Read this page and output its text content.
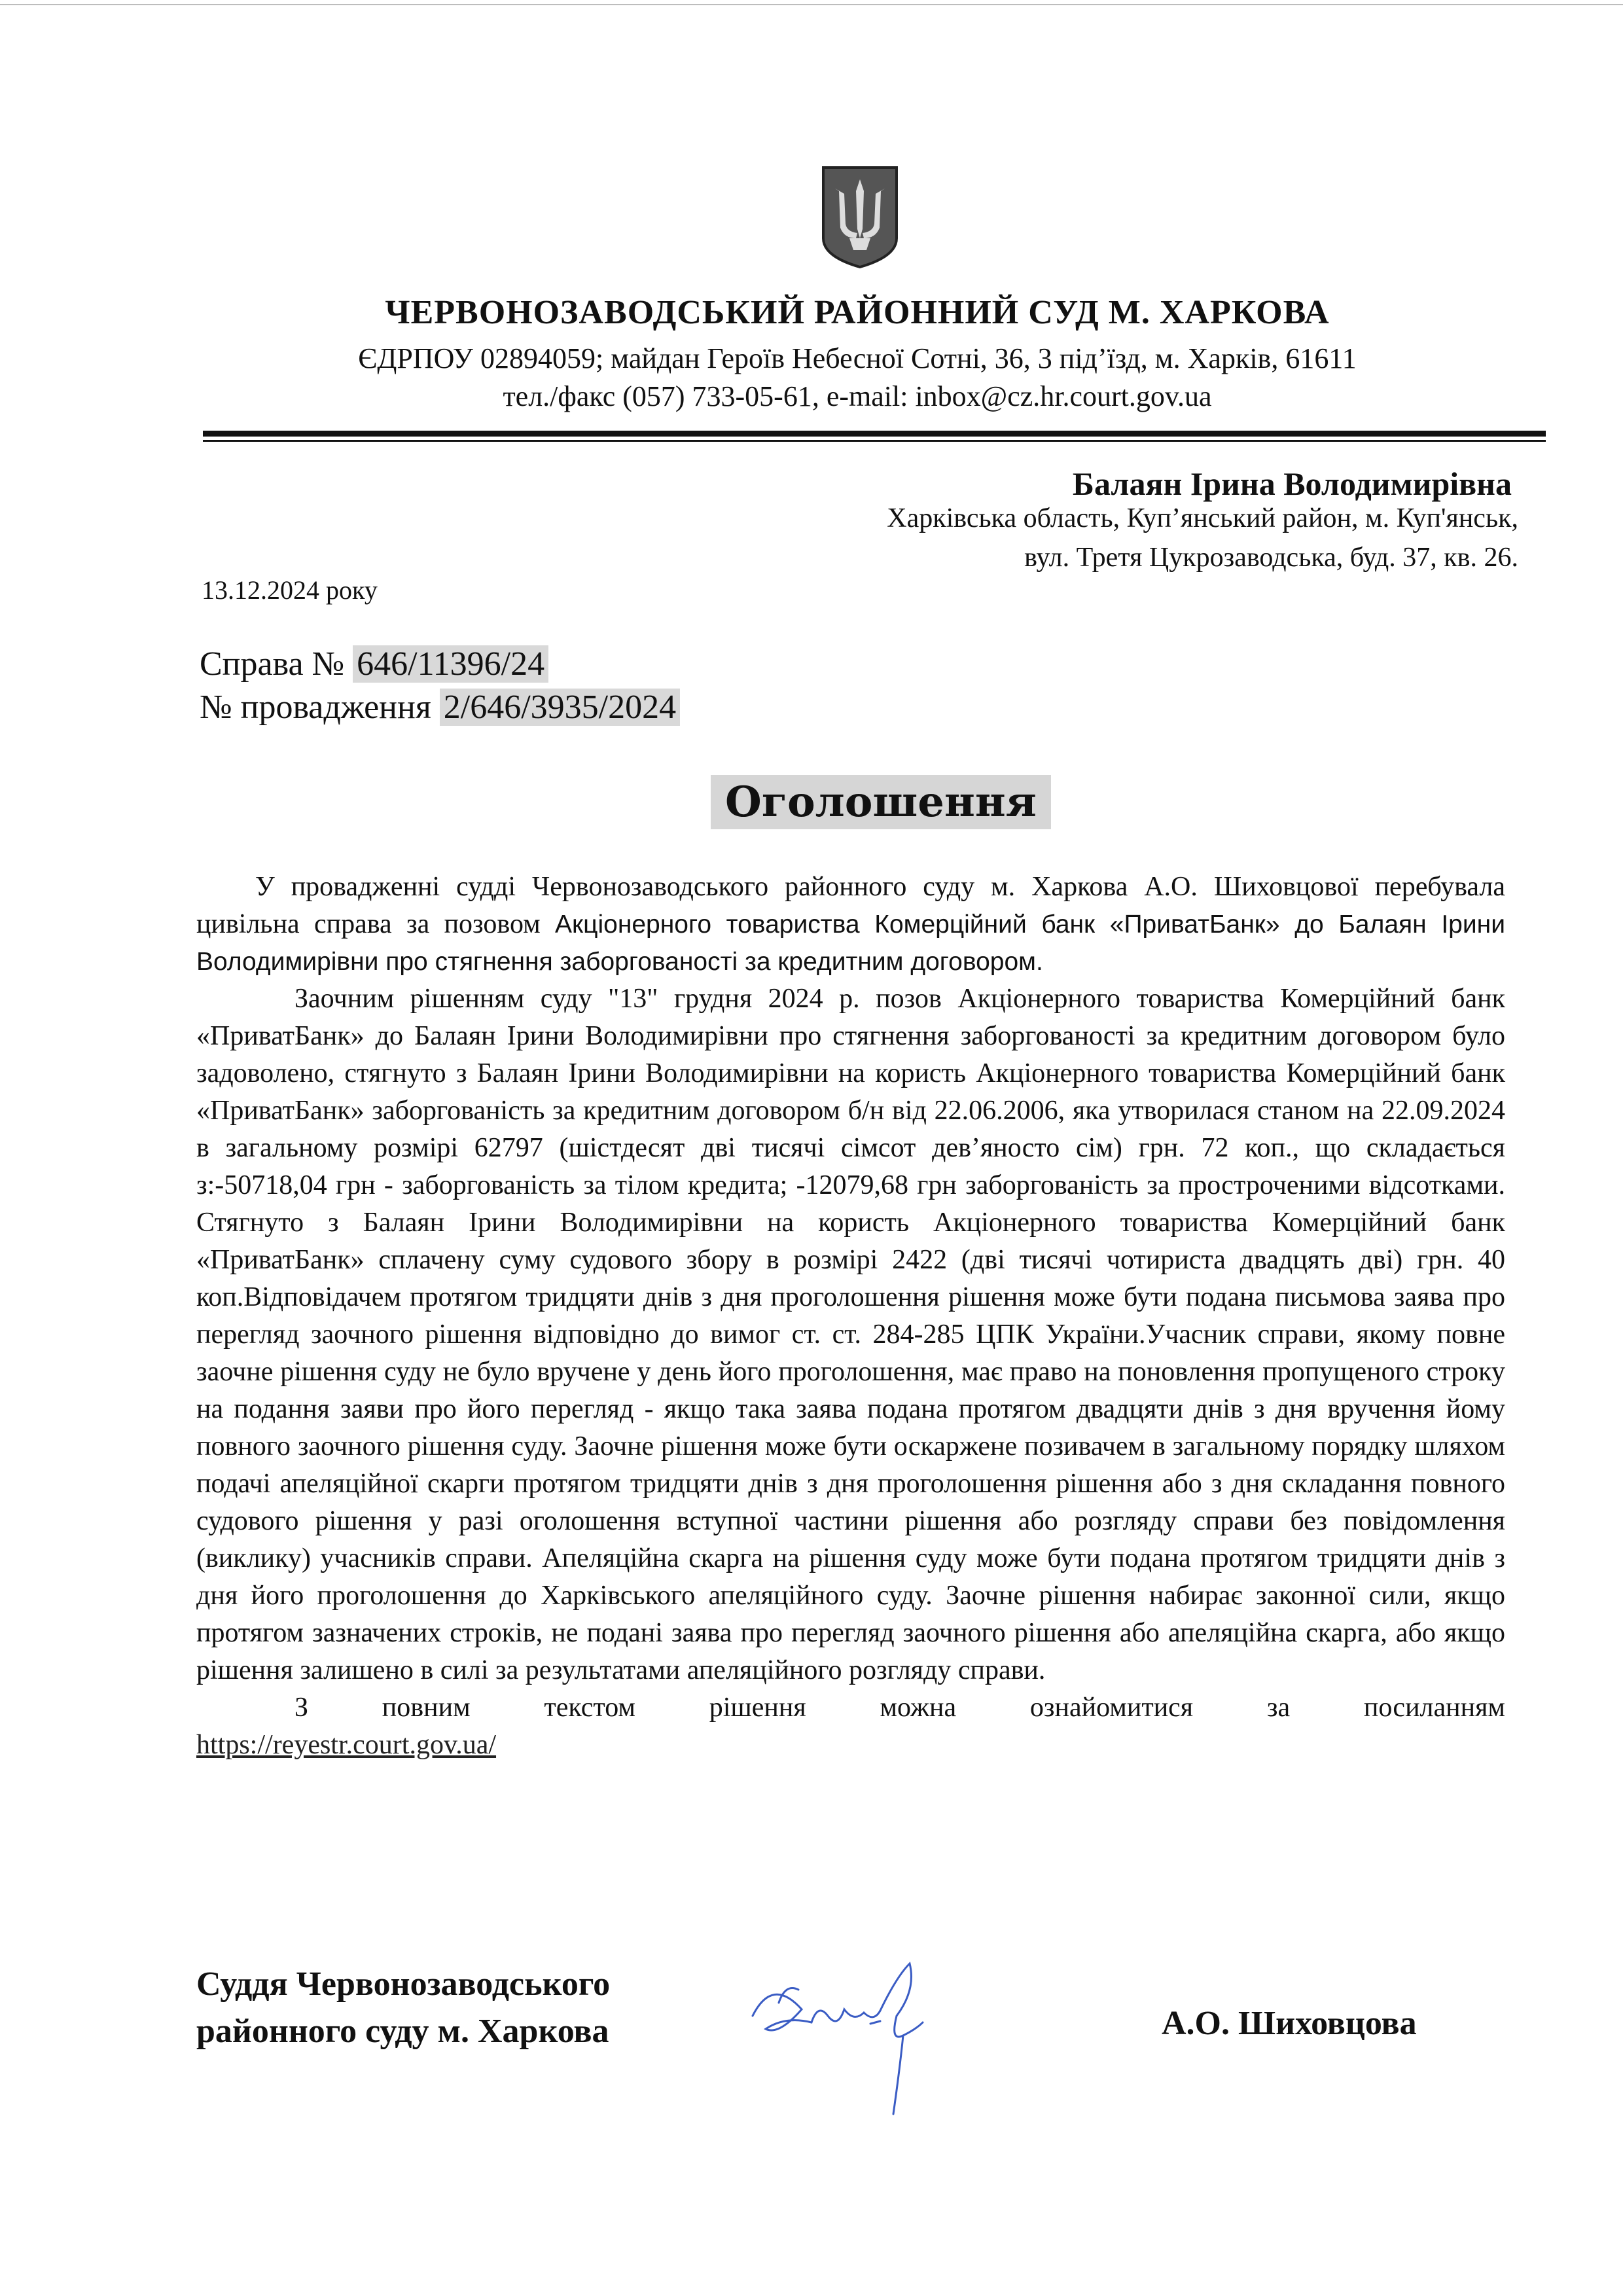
ЧЕРВОНОЗАВОДСЬКИЙ РАЙОННИЙ СУД М. ХАРКОВА
ЄДРПОУ 02894059; майдан Героїв Небесної Сотні, 36, 3 під’їзд, м. Харків, 61611
тел./факс (057) 733-05-61, e-mail: inbox@cz.hr.court.gov.ua
Балаян Ірина Володимирівна
Харківська область, Куп’янський район, м. Куп'янськ,
вул. Третя Цукрозаводська, буд. 37, кв. 26.
13.12.2024 року
Справа № 646/11396/24
№ провадження 2/646/3935/2024
Оголошення

У провадженні судді Червонозаводського районного суду м. Харкова А.О. Шиховцової перебувала цивільна справа за позовом Акціонерного товариства Комерційний банк «ПриватБанк» до Балаян Ірини Володимирівни про стягнення заборгованості за кредитним договором.

Заочним рішенням суду "13" грудня 2024 р. позов Акціонерного товариства Комерційний банк «ПриватБанк» до Балаян Ірини Володимирівни про стягнення заборгованості за кредитним договором було задоволено, стягнуто з Балаян Ірини Володимирівни на користь Акціонерного товариства Комерційний банк «ПриватБанк» заборгованість за кредитним договором б/н від 22.06.2006, яка утворилася станом на 22.09.2024 в загальному розмірі 62797 (шістдесят дві тисячі сімсот дев’яносто сім) грн. 72 коп., що складається з:-50718,04 грн - заборгованість за тілом кредита; -12079,68 грн заборгованість за простроченими відсотками. Стягнуто з Балаян Ірини Володимирівни на користь Акціонерного товариства Комерційний банк «ПриватБанк» сплачену суму судового збору в розмірі 2422 (дві тисячі чотириста двадцять дві) грн. 40 коп.Відповідачем протягом тридцяти днів з дня проголошення рішення може бути подана письмова заява про перегляд заочного рішення відповідно до вимог ст. ст. 284-285 ЦПК України.Учасник справи, якому повне заочне рішення суду не було вручене у день його проголошення, має право на поновлення пропущеного строку на подання заяви про його перегляд - якщо така заява подана протягом двадцяти днів з дня вручення йому повного заочного рішення суду. Заочне рішення може бути оскаржене позивачем в загальному порядку шляхом подачі апеляційної скарги протягом тридцяти днів з дня проголошення рішення або з дня складання повного судового рішення у разі оголошення вступної частини рішення або розгляду справи без повідомлення (виклику) учасників справи. Апеляційна скарга на рішення суду може бути подана протягом тридцяти днів з дня його проголошення до Харківського апеляційного суду. Заочне рішення набирає законної сили, якщо протягом зазначених строків, не подані заява про перегляд заочного рішення або апеляційна скарга, або якщо рішення залишено в силі за результатами апеляційного розгляду справи.

З повним текстом рішення можна ознайомитися за посиланням

https://reyestr.court.gov.ua/
Суддя Червонозаводського
районного суду м. Харкова	А.О. Шиховцова
